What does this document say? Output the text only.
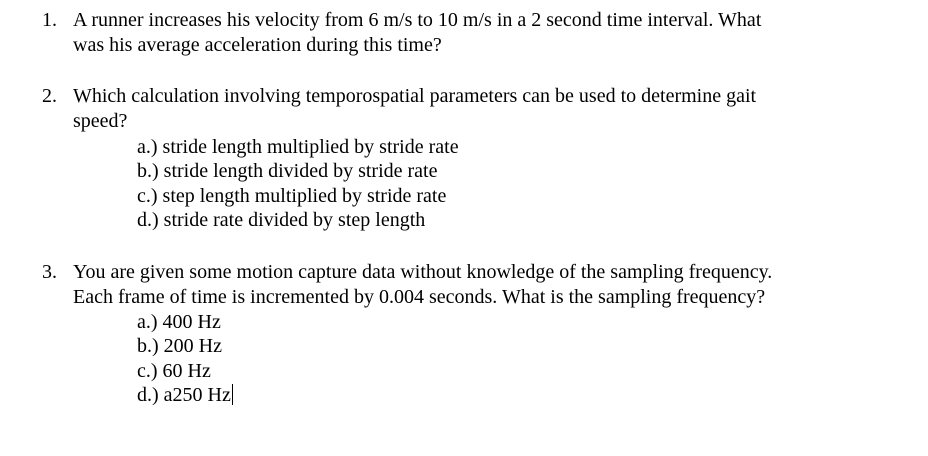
1. A runner increases his velocity from 6 m/s to 10 m/s in a 2 second time interval. What
was his average acceleration during this time?
2. Which calculation involving temporospatial parameters can be used to determine gait
speed?
a.) stride length multiplied by stride rate
b.) stride length divided by stride rate
c.) step length multiplied by stride rate
d.) stride rate divided by step length
3. You are given some motion capture data without knowledge of the sampling frequency.
Each frame of time is incremented by 0.004 seconds. What is the sampling frequency?
a.) 400 Hz
b.) 200 Hz
c.) 60 Hz
d.) a250 Hz
